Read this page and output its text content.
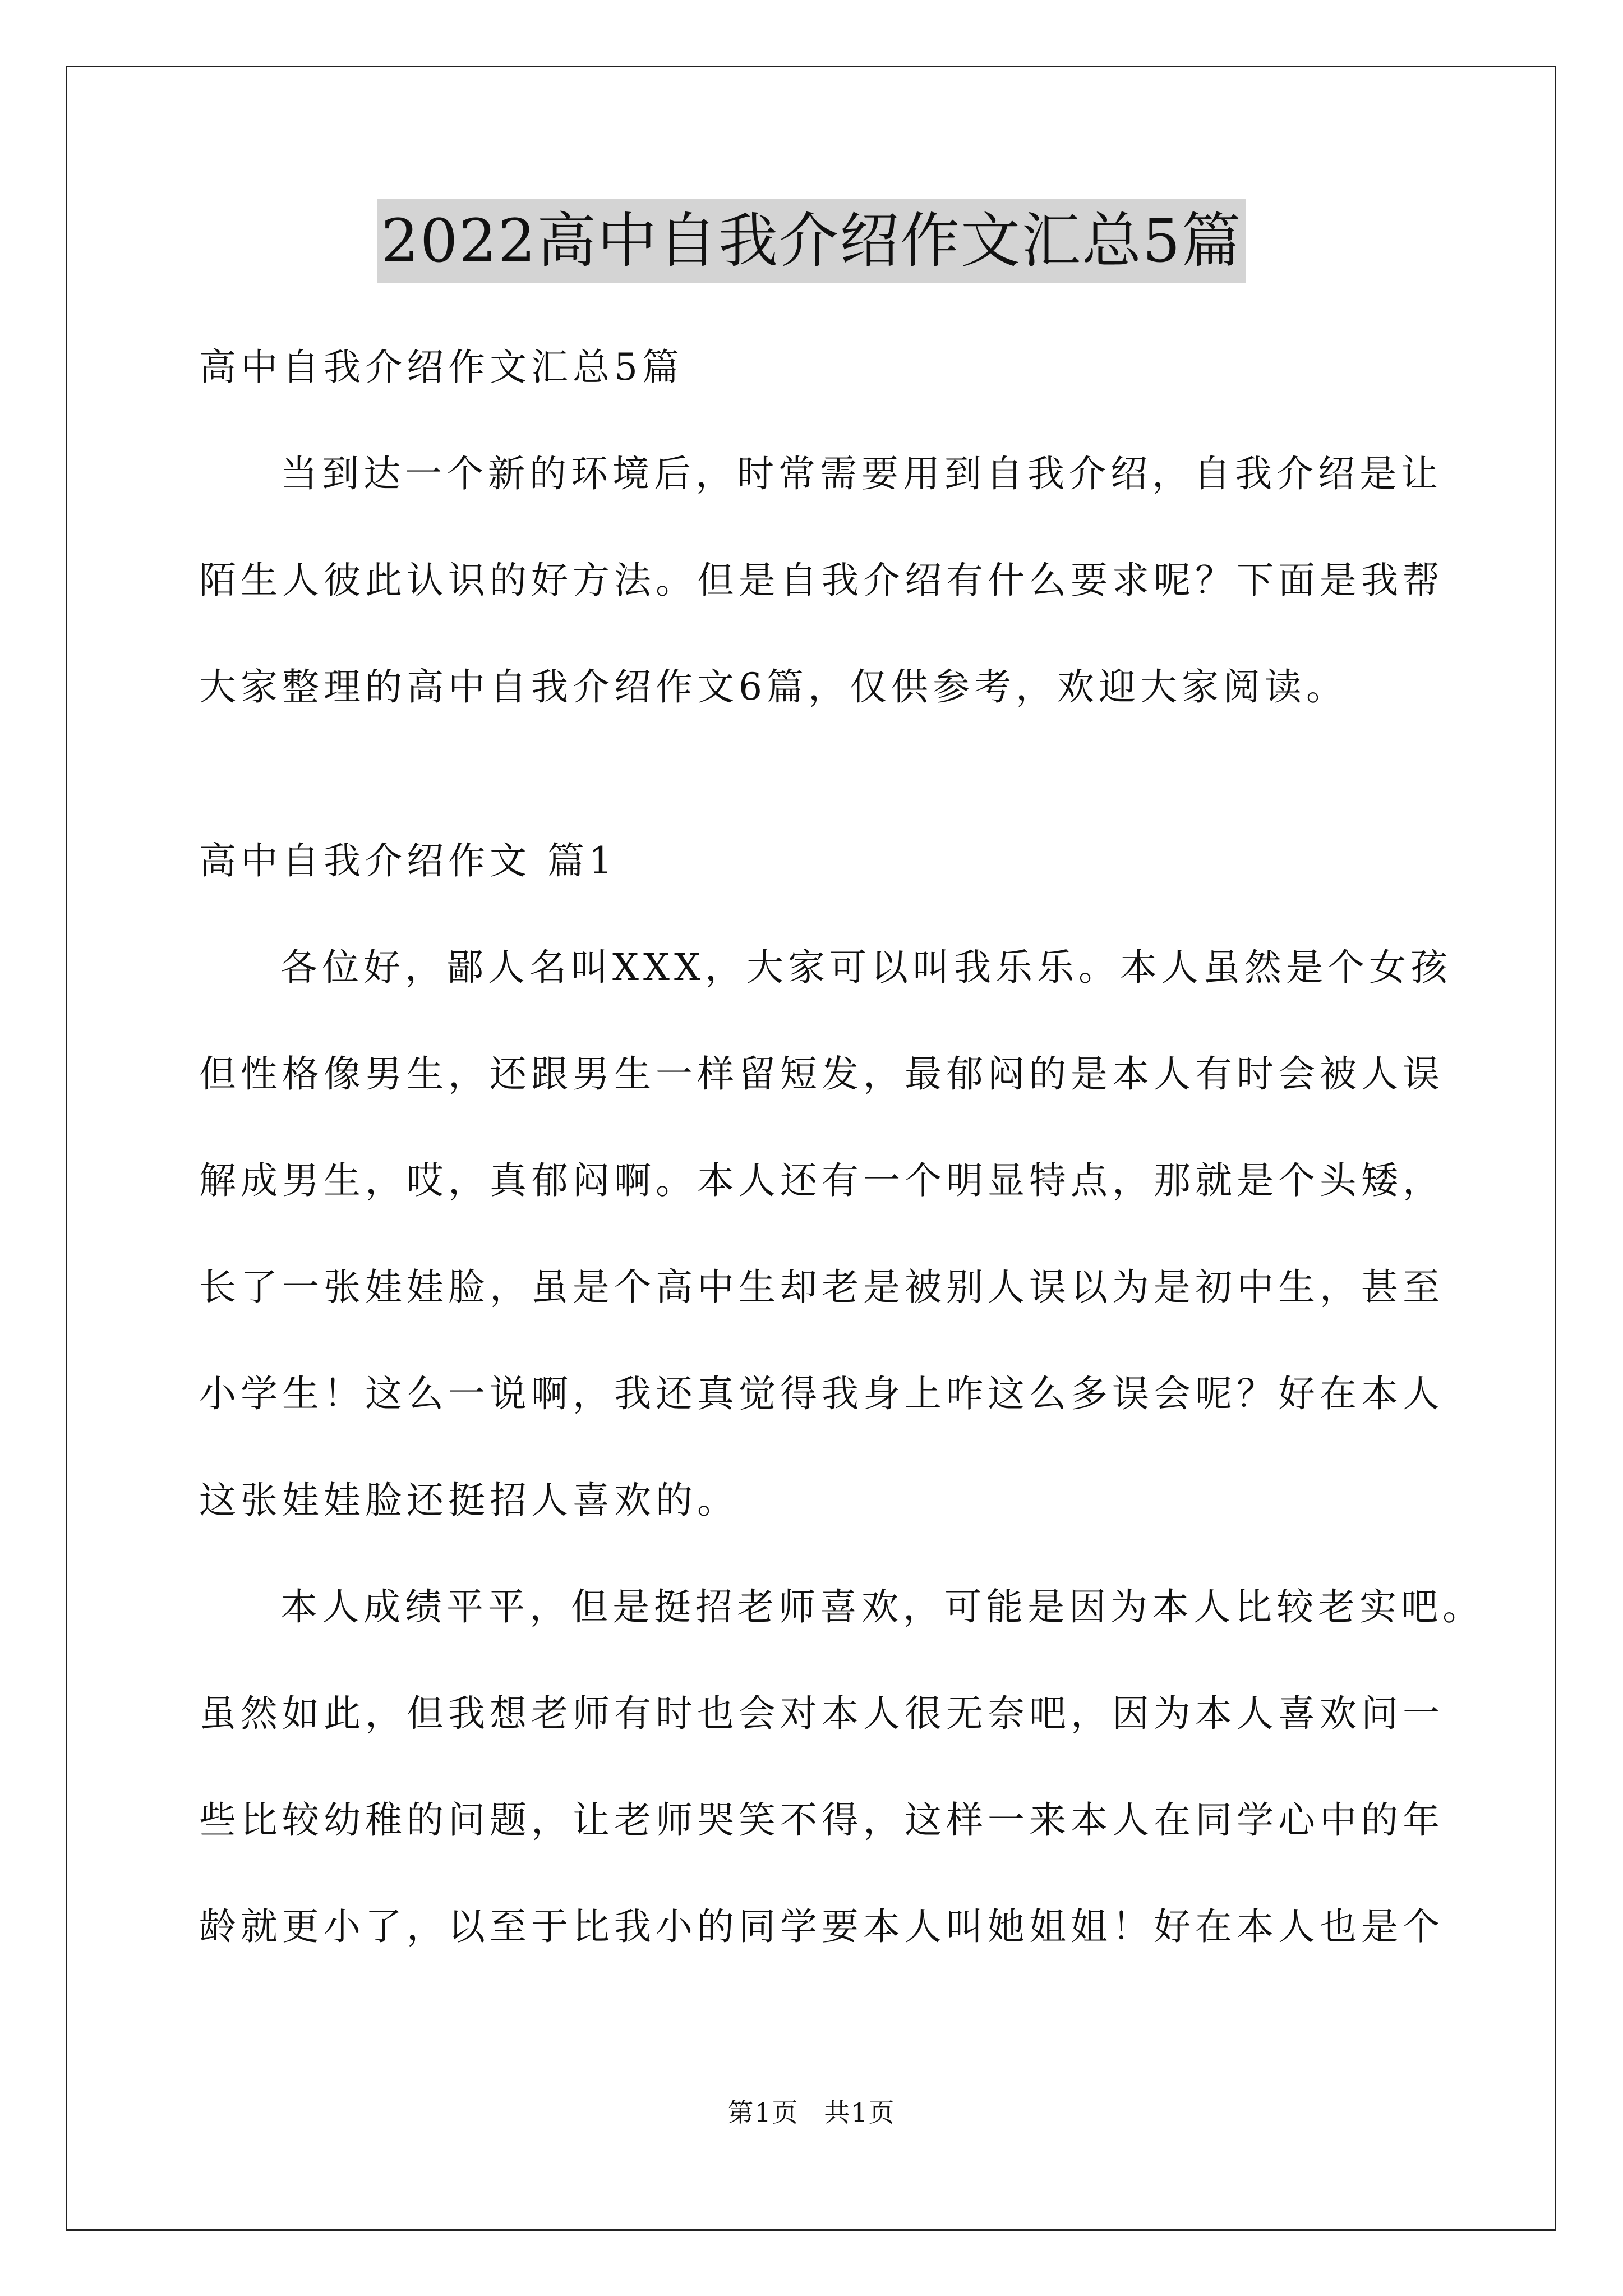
2022高中自我介绍作文汇总5篇
高中自我介绍作文汇总5篇
当到达一个新的环境后，时常需要用到自我介绍，自我介绍是让
陌生人彼此认识的好方法。但是自我介绍有什么要求呢？下面是我帮
大家整理的高中自我介绍作文6篇，仅供参考，欢迎大家阅读。
高中自我介绍作文 篇1
各位好，鄙人名叫XXX，大家可以叫我乐乐。本人虽然是个女孩
但性格像男生，还跟男生一样留短发，最郁闷的是本人有时会被人误
解成男生，哎，真郁闷啊。本人还有一个明显特点，那就是个头矮，
长了一张娃娃脸，虽是个高中生却老是被别人误以为是初中生，甚至
小学生！这么一说啊，我还真觉得我身上咋这么多误会呢？好在本人
这张娃娃脸还挺招人喜欢的。
本人成绩平平，但是挺招老师喜欢，可能是因为本人比较老实吧。
虽然如此，但我想老师有时也会对本人很无奈吧，因为本人喜欢问一
些比较幼稚的问题，让老师哭笑不得，这样一来本人在同学心中的年
龄就更小了，以至于比我小的同学要本人叫她姐姐！好在本人也是个
第1页 共1页
